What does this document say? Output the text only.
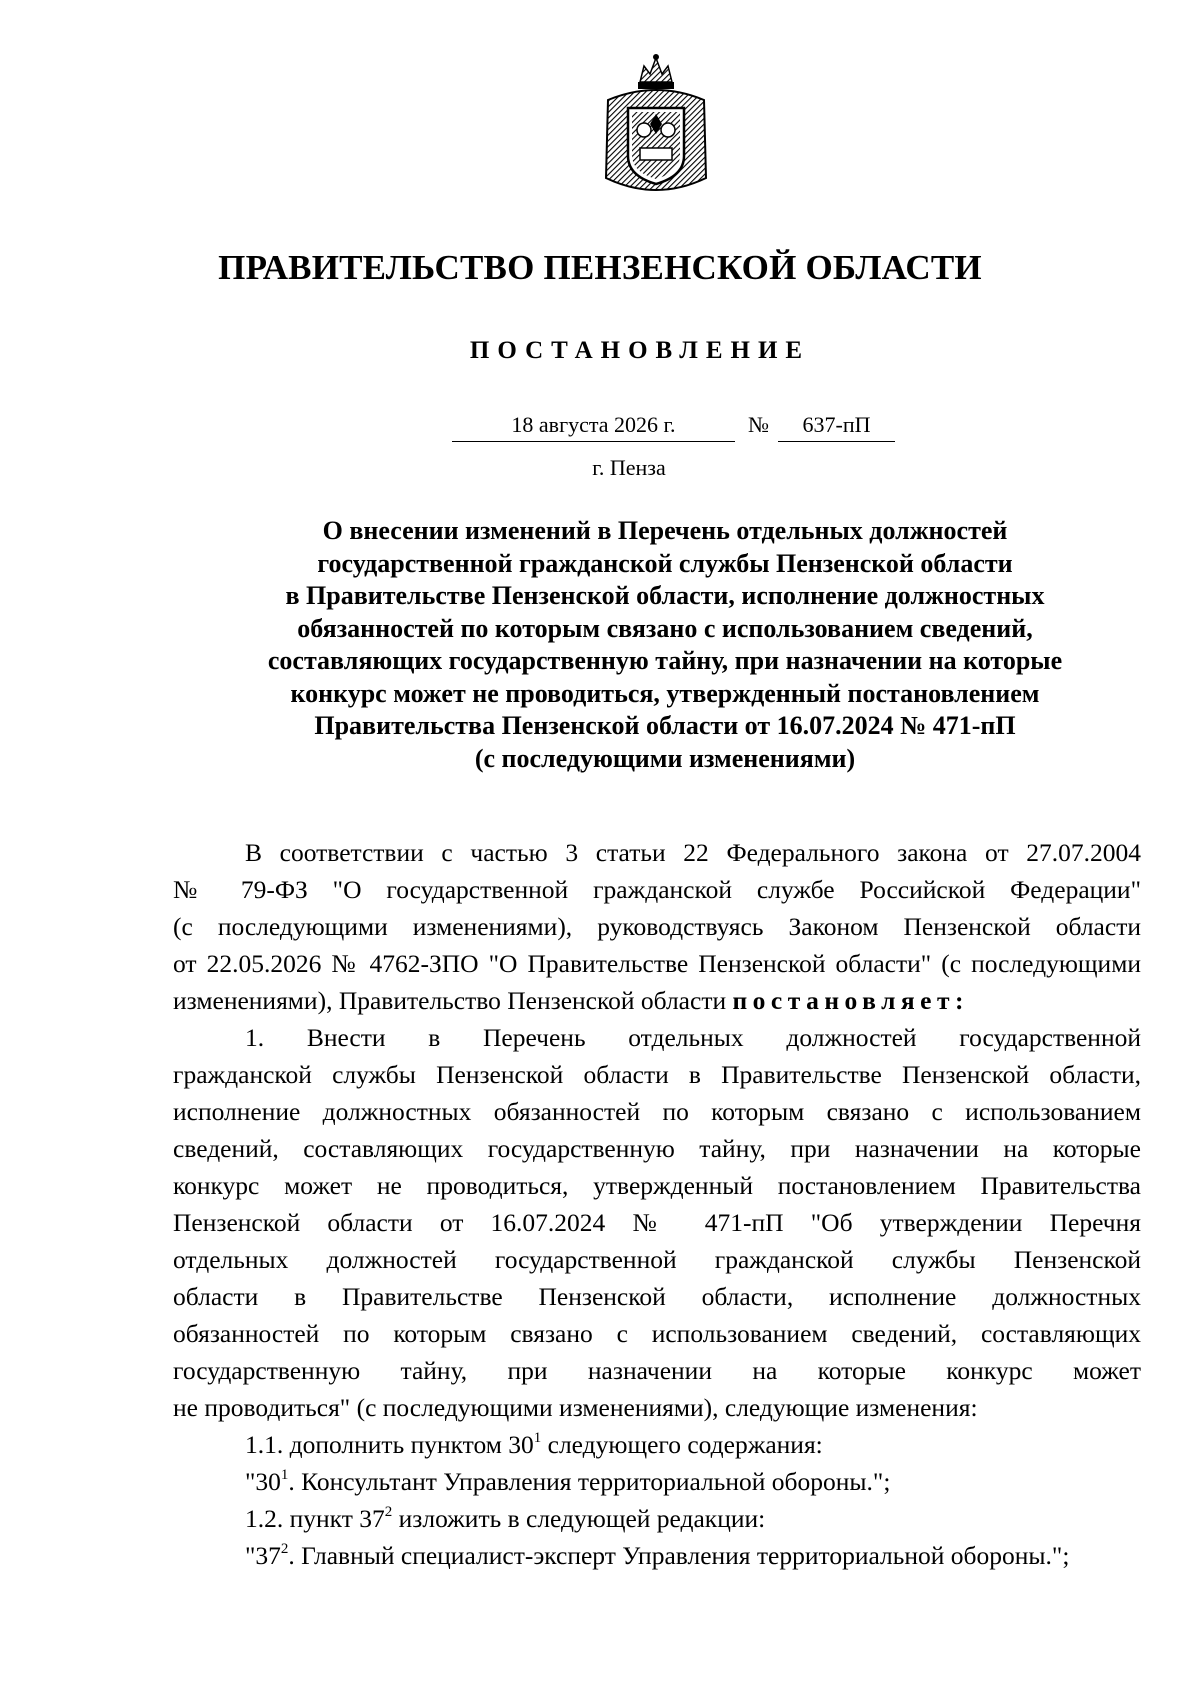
ПРАВИТЕЛЬСТВО ПЕНЗЕНСКОЙ ОБЛАСТИ
ПОСТАНОВЛЕНИЕ
18 августа 2026 г.	№	637-пП
г. Пенза
О внесении изменений в Перечень отдельных должностей
государственной гражданской службы Пензенской области
в Правительстве Пензенской области, исполнение должностных
обязанностей по которым связано с использованием сведений,
составляющих государственную тайну, при назначении на которые
конкурс может не проводиться, утвержденный постановлением
Правительства Пензенской области от 16.07.2024 № 471-пП
(с последующими изменениями)
В соответствии с частью 3 статьи 22 Федерального закона от 27.07.2004
№ 79-ФЗ "О государственной гражданской службе Российской Федерации"
(с последующими изменениями), руководствуясь Законом Пензенской области
от 22.05.2026 № 4762-ЗПО "О Правительстве Пензенской области" (с последующими
изменениями), Правительство Пензенской области постановляет:
1. Внести в Перечень отдельных должностей государственной
гражданской службы Пензенской области в Правительстве Пензенской области,
исполнение должностных обязанностей по которым связано с использованием
сведений, составляющих государственную тайну, при назначении на которые
конкурс может не проводиться, утвержденный постановлением Правительства
Пензенской области от 16.07.2024 № 471-пП "Об утверждении Перечня
отдельных должностей государственной гражданской службы Пензенской
области в Правительстве Пензенской области, исполнение должностных
обязанностей по которым связано с использованием сведений, составляющих
государственную тайну, при назначении на которые конкурс может
не проводиться" (с последующими изменениями), следующие изменения:
1.1. дополнить пунктом $30^1$ следующего содержания:
"$30^1$. Консультант Управления территориальной обороны.";
1.2. пункт $37^2$ изложить в следующей редакции:
"$37^2$. Главный специалист-эксперт Управления территориальной обороны.";
